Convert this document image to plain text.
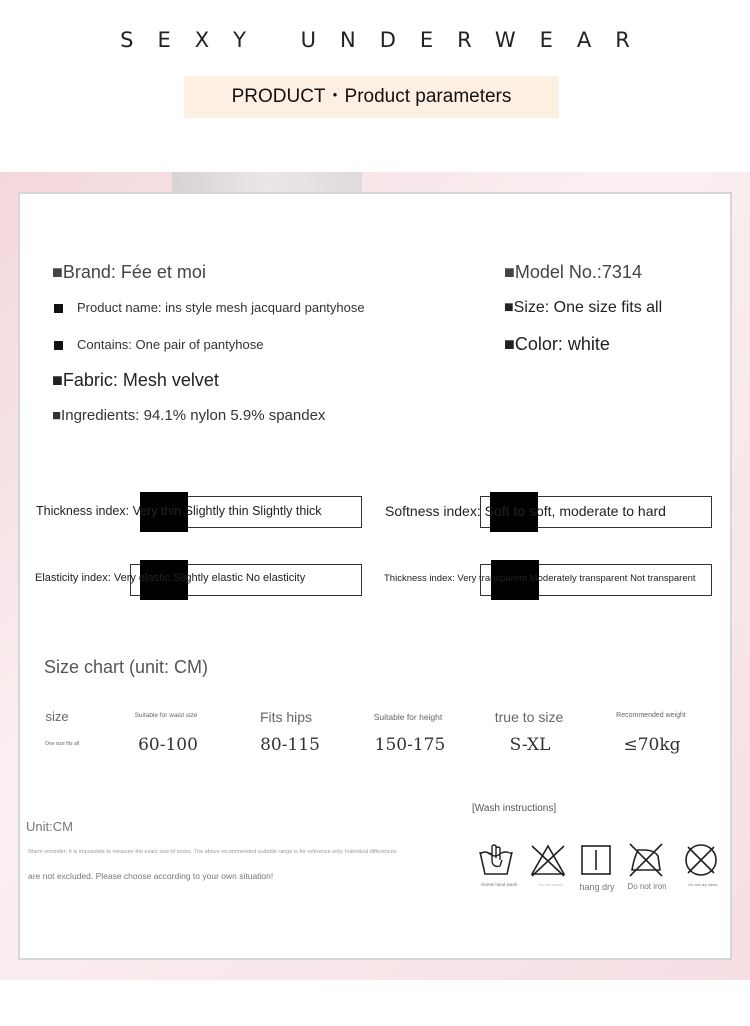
SEXY UNDERWEAR
PRODUCT・Product parameters
■Brand: Fée et moi	■Model No.:7314
Product name: ins style mesh jacquard pantyhose	■Size: One size fits all
Contains: One pair of pantyhose	■Color: white
■Fabric: Mesh velvet
■Ingredients: 94.1% nylon 5.9% spandex
Thickness index: Very thin Slightly thin Slightly thick	Softness index: Soft to soft, moderate to hard
Elasticity index: Very elastic Slightly elastic No elasticity	Thickness index: Very transparent Moderately transparent Not transparent
Size chart (unit: CM)
size	Suitable for waist size	Fits hips	Suitable for height	true to size	Recommended weight
One size fits all	60-100	80-115	150-175	S-XL	≤70kg
Unit:CM
Warm reminder: It is impossible to measure the exact size of socks. The above recommended suitable range is for reference only. Individual differences
are not excluded. Please choose according to your own situation!
[Wash instructions]
Gentle hand wash	Do not bleach	hang dry	Do not iron	Do not dry clean
